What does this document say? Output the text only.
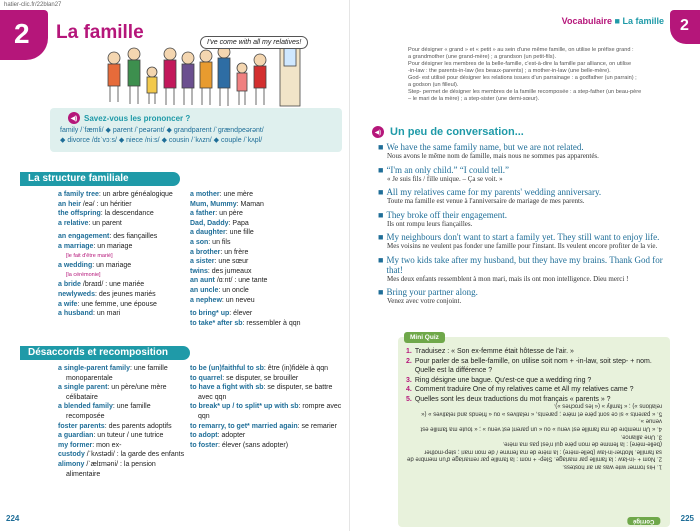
hatier-clic.fr/22blan27
2	La famille	I've come with all my relatives!
◀) Savez-vous les prononcer ?
family /ˈfæmli/ ◆ parent /ˈpeərənt/ ◆ grandparent /ˈgrændpeərənt/
◆ divorce /dɪˈvɔːs/ ◆ niece /niːs/ ◆ cousin /ˈkʌzn/ ◆ couple /ˈkʌpl/
La structure familiale
a family tree: un arbre généalogique
an heir /eə/ : un héritier
the offspring: la descendance
a relative: un parent
an engagement: des fiançailles
a marriage: un mariage
[le fait d'être marié]
a wedding: un mariage
[la cérémonie]
a bride /braɪd/ : une mariée
newlyweds: des jeunes mariés
a wife: une femme, une épouse
a husband: un mari
a mother: une mère
Mum, Mummy: Maman
a father: un père
Dad, Daddy: Papa
a daughter: une fille
a son: un fils
a brother: un frère
a sister: une sœur
twins: des jumeaux
an aunt /ɑːnt/ : une tante
an uncle: un oncle
a nephew: un neveu
to bring* up: élever
to take* after sb: ressembler à qqn
Désaccords et recomposition
a single-parent family: une famille monoparentale
a single parent: un père/une mère célibataire
a blended family: une famille recomposée
foster parents: des parents adoptifs
a guardian: un tuteur / une tutrice
my former: mon ex-
custody /ˈkʌstədi/ : la garde des enfants
alimony /ˈælɪməni/ : la pension alimentaire
to be (un)faithful to sb: être (in)fidèle à qqn
to quarrel: se disputer, se brouiller
to have a fight with sb: se disputer, se battre avec qqn
to break* up / to split* up with sb: rompre avec qqn
to remarry, to get* married again: se remarier
to adopt: adopter
to foster: élever (sans adopter)
224
Vocabulaire ■ La famille	2
225
Pour désigner « grand » et « petit » au sein d'une même famille, on utilise le préfixe grand :
a grandmother (une grand-mère) ; a grandson (un petit-fils).
Pour désigner les membres de la belle-famille, c'est-à-dire la famille par alliance, on utilise
-in-law : the parents-in-law (les beaux-parents) ; a mother-in-law (une belle-mère).
God- est utilisé pour désigner les relations issues d'un parrainage : a godfather (un parrain) ;
a godson (un filleul).
Step- permet de désigner les membres de la famille recomposée : a step-father (un beau-père
– le mari de la mère) ; a step-sister (une demi-sœur).
◀) Un peu de conversation...
■ We have the same family name, but we are not related.
Nous avons le même nom de famille, mais nous ne sommes pas apparentés.
■ “I'm an only child.” “I could tell.”
« Je suis fils / fille unique. – Ça se voit. »
■ All my relatives came for my parents' wedding anniversary.
Toute ma famille est venue à l'anniversaire de mariage de mes parents.
■ They broke off their engagement.
Ils ont rompu leurs fiançailles.
■ My neighbours don't want to start a family yet. They still want to enjoy life.
Mes voisins ne veulent pas fonder une famille pour l'instant. Ils veulent encore profiter de la vie.
■ My two kids take after my husband, but they have my brains. Thank God for that!
Mes deux enfants ressemblent à mon mari, mais ils ont mon intelligence. Dieu merci !
■ Bring your partner along.
Venez avec votre conjoint.
Mini Quiz
1. Traduisez : « Son ex-femme était hôtesse de l'air. »
2. Pour parler de sa belle-famille, on utilise soit nom + -in-law, soit step- + nom. Quelle est la différence ?
3. Ring désigne une bague. Qu'est-ce que a wedding ring ?
4. Comment traduire One of my relatives came et All my relatives came ?
5. Quelles sont les deux traductions du mot français « parents » ?
1. His former wife was an air hostess.
2. Nom + -in-law : la famille par mariage. Step- + nom : la famille par remariage d'un membre de sa famille. Mother-in-law (belle-mère) : la mère de ma femme / de mon mari ; step-mother (belle-mère) : la femme de mon père qui n'est pas ma mère.
3. Une alliance.
4. « Un membre de ma famille est venu » ou « un parent est venu » ; « toute ma famille est venue ».
5. « parents » si ce sont père et mère ; parents, « relatives » ou « friends and relatives » (« relations ») ; « family » (« les proches »).
Corrigé
